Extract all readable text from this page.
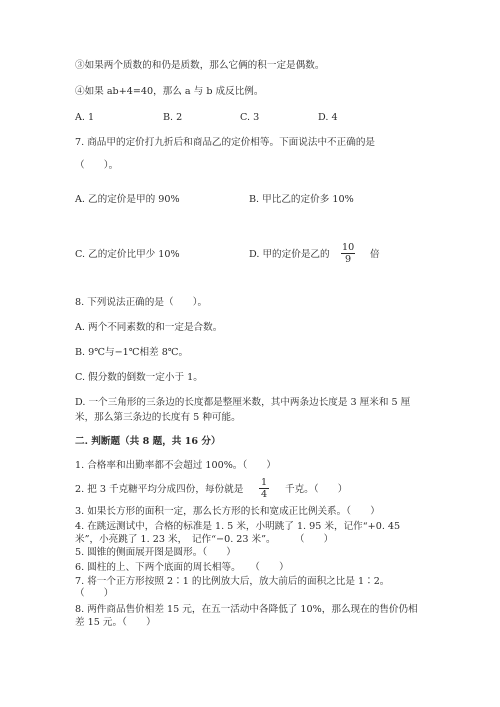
③如果两个质数的和仍是质数，那么它俩的积一定是偶数。
④如果 ab+4=40，那么 a 与 b 成反比例。
A. 1	B. 2	C. 3	D. 4
7. 商品甲的定价打九折后和商品乙的定价相等。下面说法中不正确的是
（　　）。
A. 乙的定价是甲的 90%	B. 甲比乙的定价多 10%
C. 乙的定价比甲少 10%	D. 甲的定价是乙的 $\frac{10}{9}$ 倍
8. 下列说法正确的是（　　）。
A. 两个不同素数的和一定是合数。
B. 9℃与−1℃相差 8℃。
C. 假分数的倒数一定小于 1。
D. 一个三角形的三条边的长度都是整厘米数，其中两条边长度是 3 厘米和 5 厘
米，那么第三条边的长度有 5 种可能。
二. 判断题（共 8 题，共 16 分）
1. 合格率和出勤率都不会超过 100%。（　　）
2. 把 3 千克糖平均分成四份，每份就是 $\frac{1}{4}$ 千克。（　　）
3. 如果长方形的面积一定，那么长方形的长和宽成正比例关系。（　　）
4. 在跳远测试中，合格的标准是 1. 5 米，小明跳了 1. 95 米，记作“+0. 45
米”，小亮跳了 1. 23 米，　记作“−0. 23 米”。　　　（　　）
5. 圆锥的侧面展开图是圆形。（　　）
6. 圆柱的上、下两个底面的周长相等。　　（　　）
7. 将一个正方形按照 2∶1 的比例放大后，放大前后的面积之比是 1∶2。
（　　）
8. 两件商品售价相差 15 元，在五一活动中各降低了 10%，那么现在的售价仍相
差 15 元。（　　）
